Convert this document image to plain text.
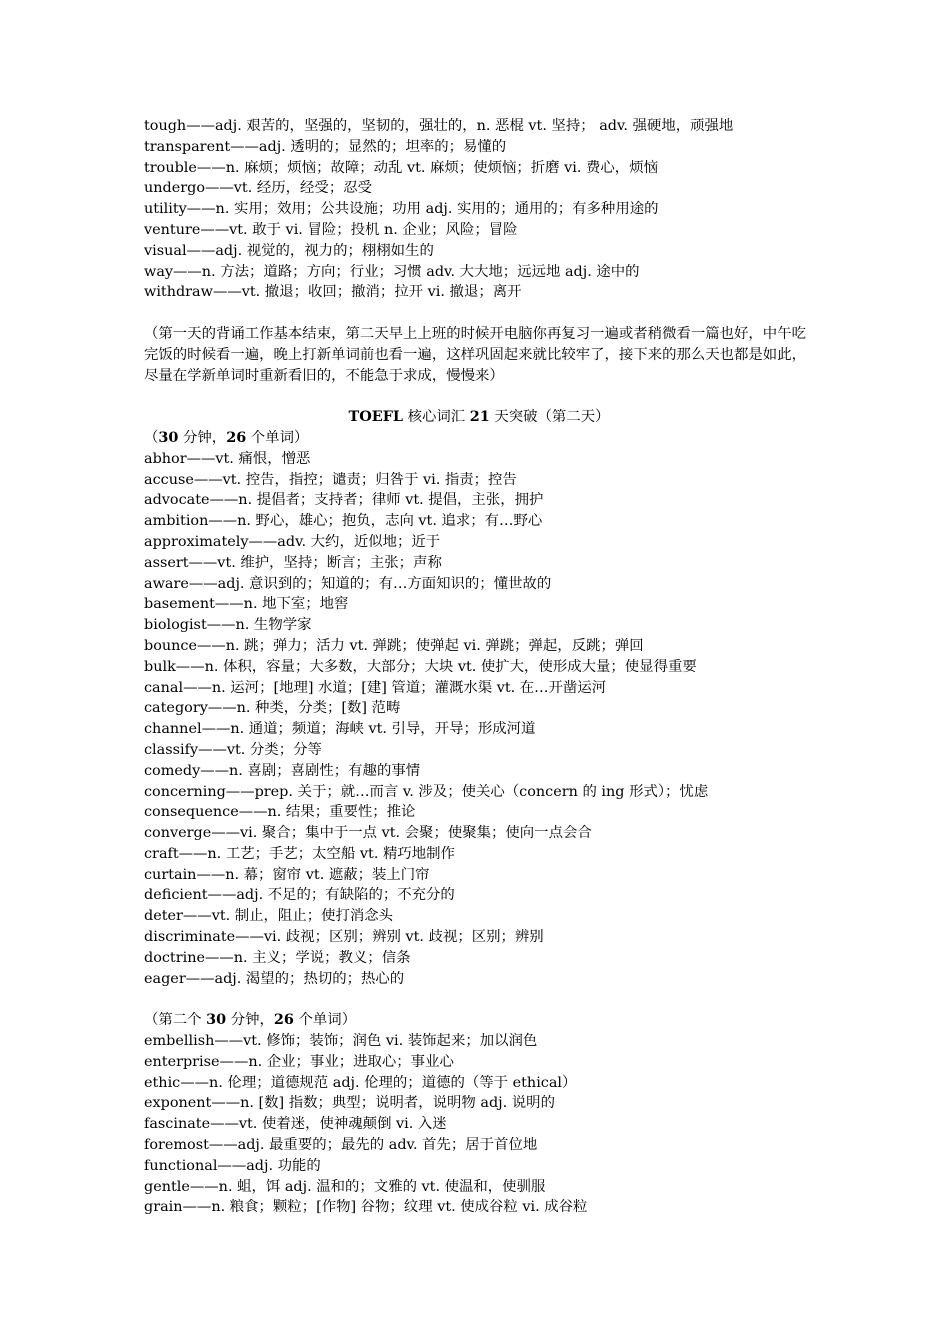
tough——adj. 艰苦的，坚强的，坚韧的，强壮的，n. 恶棍 vt. 坚持； adv. 强硬地，顽强地
transparent——adj. 透明的；显然的；坦率的；易懂的
trouble——n. 麻烦；烦恼；故障；动乱 vt. 麻烦；使烦恼；折磨 vi. 费心，烦恼
undergo——vt. 经历，经受；忍受
utility——n. 实用；效用；公共设施；功用 adj. 实用的；通用的；有多种用途的
venture——vt. 敢于 vi. 冒险；投机 n. 企业；风险；冒险
visual——adj. 视觉的，视力的；栩栩如生的
way——n. 方法；道路；方向；行业；习惯 adv. 大大地；远远地 adj. 途中的
withdraw——vt. 撤退；收回；撤消；拉开 vi. 撤退；离开
（第一天的背诵工作基本结束，第二天早上上班的时候开电脑你再复习一遍或者稍微看一篇也好，中午吃完饭的时候看一遍，晚上打新单词前也看一遍，这样巩固起来就比较牢了，接下来的那么天也都是如此，尽量在学新单词时重新看旧的，不能急于求成，慢慢来）
TOEFL 核心词汇 21 天突破（第二天）
（30 分钟，26 个单词）
abhor——vt. 痛恨，憎恶
accuse——vt. 控告，指控；谴责；归咎于 vi. 指责；控告
advocate——n. 提倡者；支持者；律师 vt. 提倡，主张，拥护
ambition——n. 野心，雄心；抱负，志向 vt. 追求；有…野心
approximately——adv. 大约，近似地；近于
assert——vt. 维护，坚持；断言；主张；声称
aware——adj. 意识到的；知道的；有…方面知识的；懂世故的
basement——n. 地下室；地窖
biologist——n. 生物学家
bounce——n. 跳；弹力；活力 vt. 弹跳；使弹起 vi. 弹跳；弹起，反跳；弹回
bulk——n. 体积，容量；大多数，大部分；大块 vt. 使扩大，使形成大量；使显得重要
canal——n. 运河；[地理] 水道；[建] 管道；灌溉水渠 vt. 在…开凿运河
category——n. 种类，分类；[数] 范畴
channel——n. 通道；频道；海峡 vt. 引导，开导；形成河道
classify——vt. 分类；分等
comedy——n. 喜剧；喜剧性；有趣的事情
concerning——prep. 关于；就…而言 v. 涉及；使关心（concern 的 ing 形式）；忧虑
consequence——n. 结果；重要性；推论
converge——vi. 聚合；集中于一点 vt. 会聚；使聚集；使向一点会合
craft——n. 工艺；手艺；太空船 vt. 精巧地制作
curtain——n. 幕；窗帘 vt. 遮蔽；装上门帘
deficient——adj. 不足的；有缺陷的；不充分的
deter——vt. 制止，阻止；使打消念头
discriminate——vi. 歧视；区别；辨别 vt. 歧视；区别；辨别
doctrine——n. 主义；学说；教义；信条
eager——adj. 渴望的；热切的；热心的
（第二个 30 分钟，26 个单词）
embellish——vt. 修饰；装饰；润色 vi. 装饰起来；加以润色
enterprise——n. 企业；事业；进取心；事业心
ethic——n. 伦理；道德规范 adj. 伦理的；道德的（等于 ethical）
exponent——n. [数] 指数；典型；说明者，说明物 adj. 说明的
fascinate——vt. 使着迷，使神魂颠倒 vi. 入迷
foremost——adj. 最重要的；最先的 adv. 首先；居于首位地
functional——adj. 功能的
gentle——n. 蛆，饵 adj. 温和的；文雅的 vt. 使温和，使驯服
grain——n. 粮食；颗粒；[作物] 谷物；纹理 vt. 使成谷粒 vi. 成谷粒
